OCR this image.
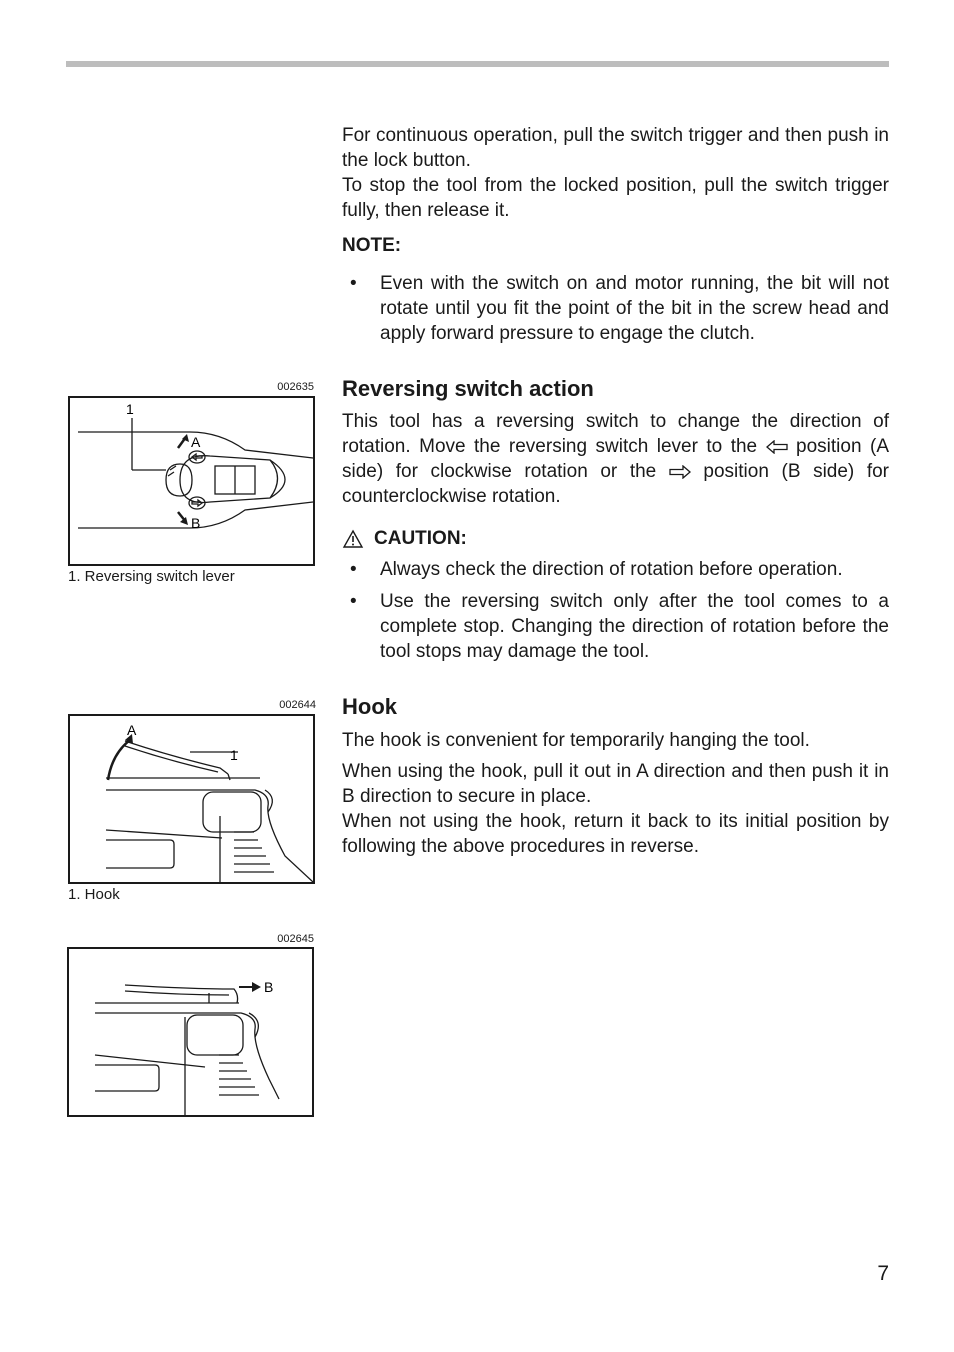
For continuous operation, pull the switch trigger and then push in the lock button.

To stop the tool from the locked position, pull the switch trigger fully, then release it.

NOTE:
• Even with the switch on and motor running, the bit will not rotate until you fit the point of the bit in the screw head and apply forward pressure to engage the clutch.
Reversing switch action

This tool has a reversing switch to change the direction of rotation. Move the reversing switch lever to the position (A side) for clockwise rotation or the position (B side) for counterclockwise rotation.

CAUTION:
• Always check the direction of rotation before operation.
• Use the reversing switch only after the tool comes to a complete stop. Changing the direction of rotation before the tool stops may damage the tool.
Hook

The hook is convenient for temporarily hanging the tool.

When using the hook, pull it out in A direction and then push it in B direction to secure in place.

When not using the hook, return it back to its initial position by following the above procedures in reverse.

002635
1
A
B
1. Reversing switch lever
002644
A
1
1. Hook
002645
B
7
